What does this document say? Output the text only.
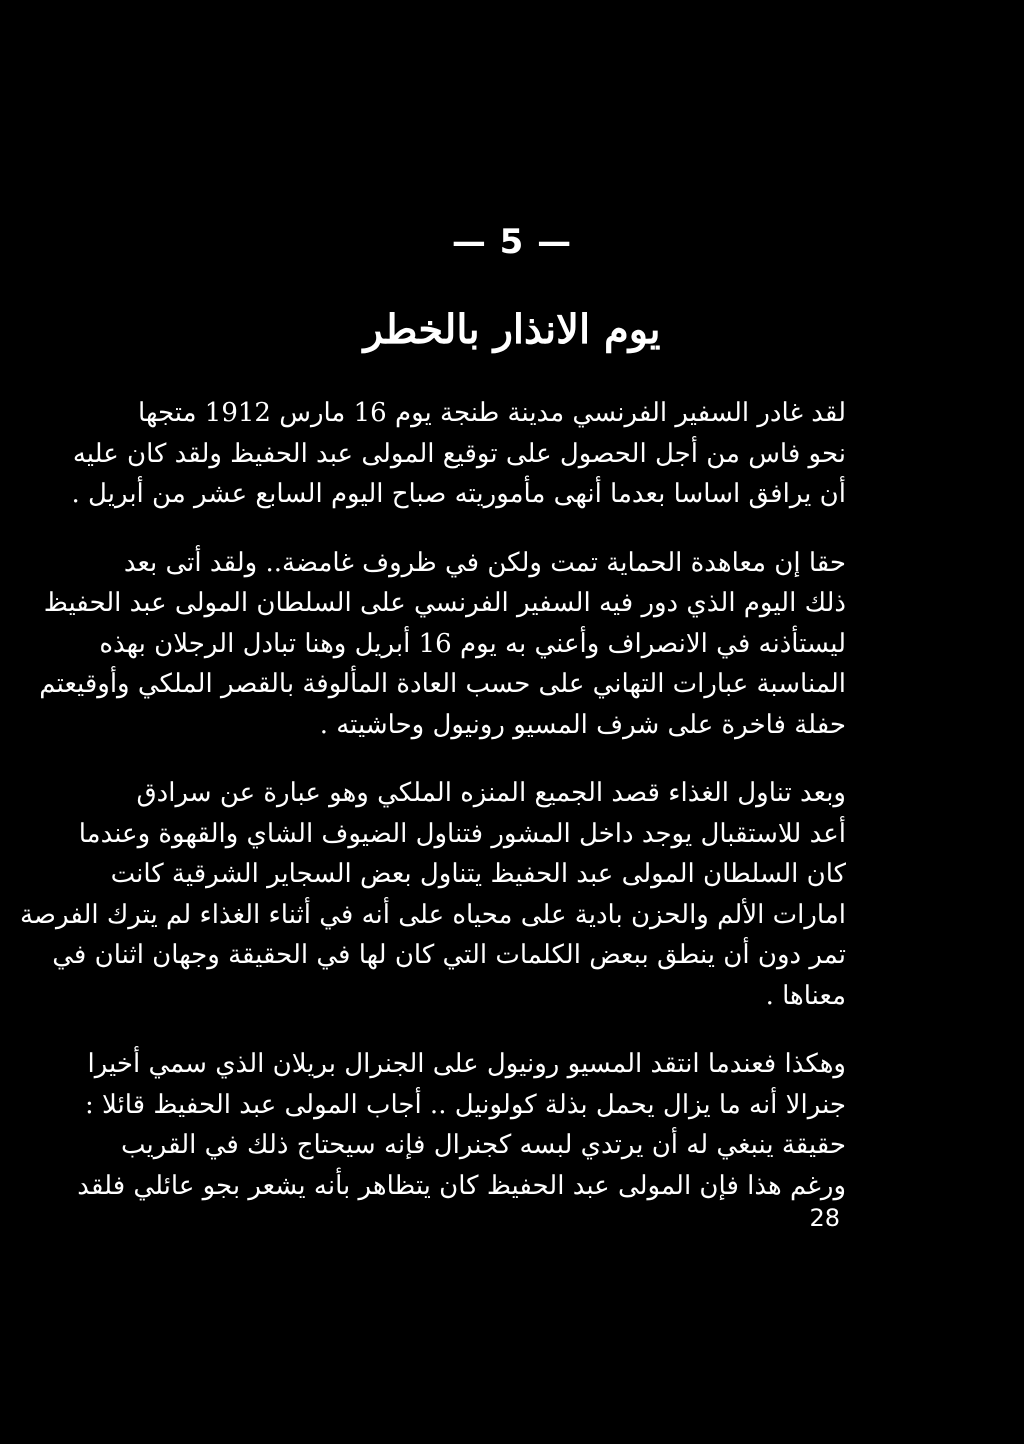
— 5 —
يوم الانذار بالخطر

لقد غادر السفير الفرنسي مدينة طنجة يوم 16 مارس 1912 متجها
نحو فاس من أجل الحصول على توقيع المولى عبد الحفيظ ولقد كان عليه
أن يرافق اساسا بعدما أنهى مأموريته صباح اليوم السابع عشر من أبريل .

حقا إن معاهدة الحماية تمت ولكن في ظروف غامضة.. ولقد أتى بعد
ذلك اليوم الذي دور فيه السفير الفرنسي على السلطان المولى عبد الحفيظ
ليستأذنه في الانصراف وأعني به يوم 16 أبريل وهنا تبادل الرجلان بهذه
المناسبة عبارات التهاني على حسب العادة المألوفة بالقصر الملكي وأوقيعتم
حفلة فاخرة على شرف المسيو رونيول وحاشيته .

وبعد تناول الغذاء قصد الجميع المنزه الملكي وهو عبارة عن سرادق
أعد للاستقبال يوجد داخل المشور فتناول الضيوف الشاي والقهوة وعندما
كان السلطان المولى عبد الحفيظ يتناول بعض السجاير الشرقية كانت
امارات الألم والحزن بادية على محياه على أنه في أثناء الغذاء لم يترك الفرصة
تمر دون أن ينطق ببعض الكلمات التي كان لها في الحقيقة وجهان اثنان في
معناها .

وهكذا فعندما انتقد المسيو رونيول على الجنرال بريلان الذي سمي أخيرا
جنرالا أنه ما يزال يحمل بذلة كولونيل .. أجاب المولى عبد الحفيظ قائلا :
حقيقة ينبغي له أن يرتدي لبسه كجنرال فإنه سيحتاج ذلك في القريب
ورغم هذا فإن المولى عبد الحفيظ كان يتظاهر بأنه يشعر بجو عائلي فلقد

28
